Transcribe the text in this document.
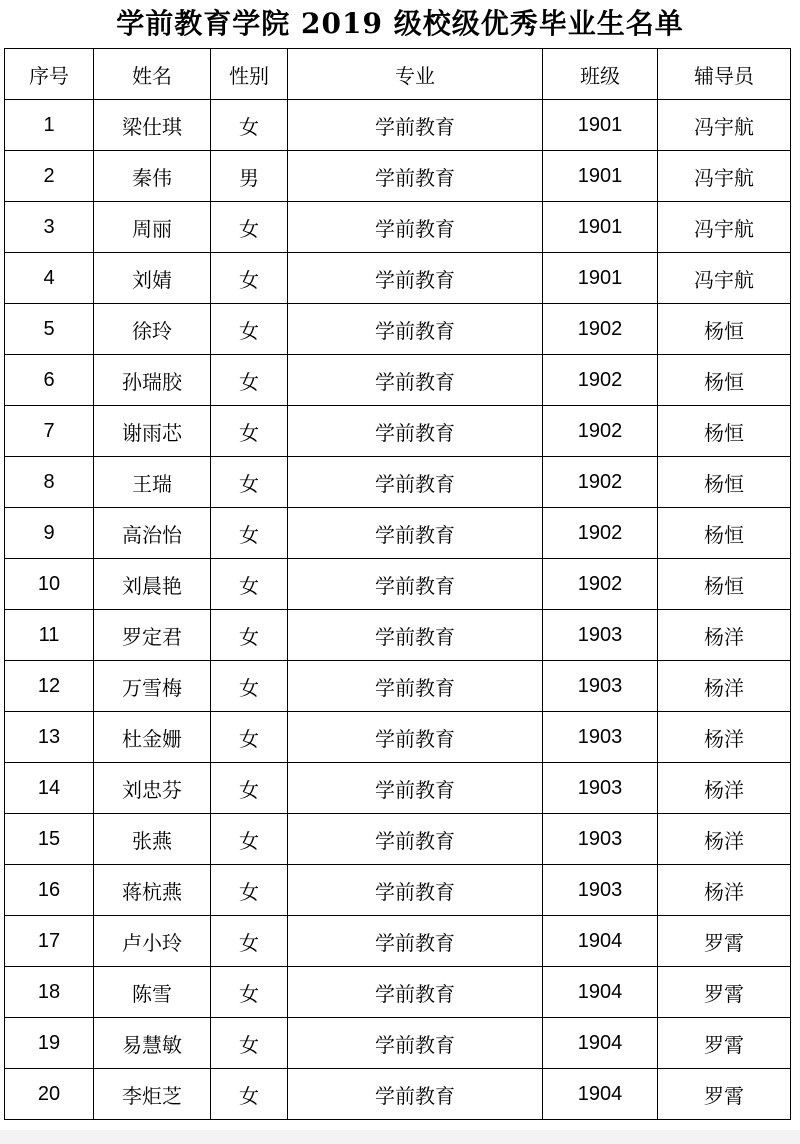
学前教育学院 2019 级校级优秀毕业生名单
序号	姓名	性别	专业	班级	辅导员
1	梁仕琪	女	学前教育	1901	冯宇航
2	秦伟	男	学前教育	1901	冯宇航
3	周丽	女	学前教育	1901	冯宇航
4	刘婧	女	学前教育	1901	冯宇航
5	徐玲	女	学前教育	1902	杨恒
6	孙瑞胶	女	学前教育	1902	杨恒
7	谢雨芯	女	学前教育	1902	杨恒
8	王瑞	女	学前教育	1902	杨恒
9	高治怡	女	学前教育	1902	杨恒
10	刘晨艳	女	学前教育	1902	杨恒
11	罗定君	女	学前教育	1903	杨洋
12	万雪梅	女	学前教育	1903	杨洋
13	杜金姗	女	学前教育	1903	杨洋
14	刘忠芬	女	学前教育	1903	杨洋
15	张燕	女	学前教育	1903	杨洋
16	蒋杭燕	女	学前教育	1903	杨洋
17	卢小玲	女	学前教育	1904	罗霄
18	陈雪	女	学前教育	1904	罗霄
19	易慧敏	女	学前教育	1904	罗霄
20	李炬芝	女	学前教育	1904	罗霄
